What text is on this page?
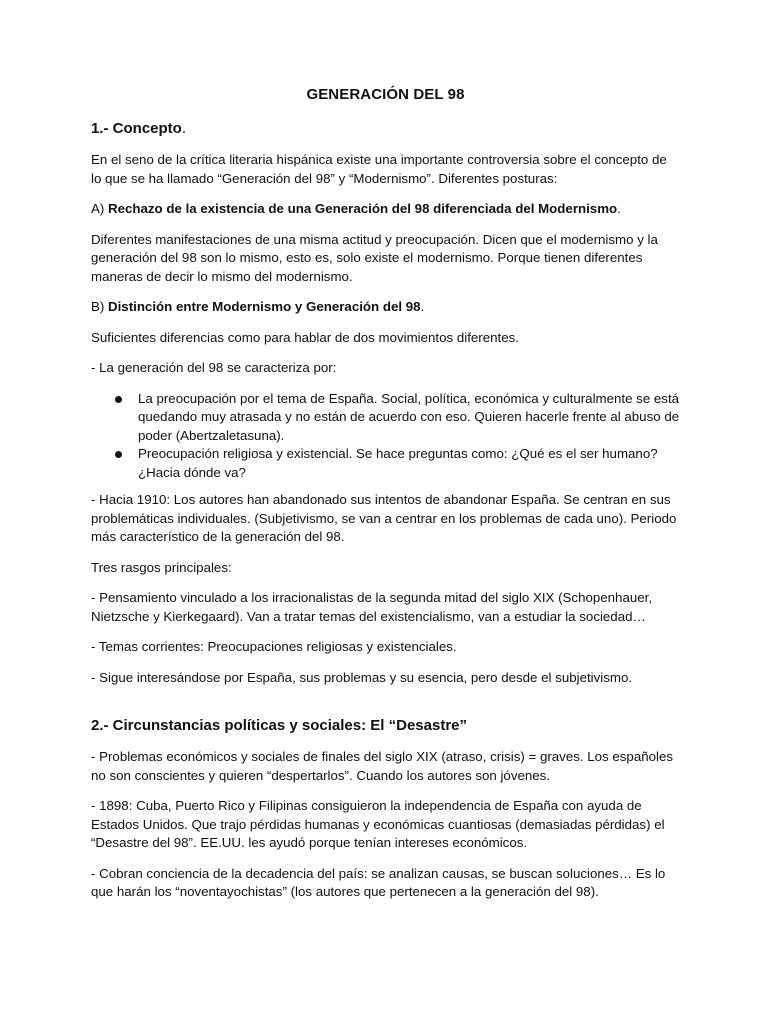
GENERACIÓN DEL 98
1.- Concepto.

En el seno de la crítica literaria hispánica existe una importante controversia sobre el concepto de lo que se ha llamado “Generación del 98” y “Modernismo”. Diferentes posturas:

A) Rechazo de la existencia de una Generación del 98 diferenciada del Modernismo.

Diferentes manifestaciones de una misma actitud y preocupación. Dicen que el modernismo y la generación del 98 son lo mismo, esto es, solo existe el modernismo. Porque tienen diferentes maneras de decir lo mismo del modernismo.

B) Distinción entre Modernismo y Generación del 98.

Suficientes diferencias como para hablar de dos movimientos diferentes.

- La generación del 98 se caracteriza por:

La preocupación por el tema de España. Social, política, económica y culturalmente se está quedando muy atrasada y no están de acuerdo con eso. Quieren hacerle frente al abuso de poder (Abertzaletasuna).
Preocupación religiosa y existencial. Se hace preguntas como: ¿Qué es el ser humano? ¿Hacia dónde va?

- Hacia 1910: Los autores han abandonado sus intentos de abandonar España. Se centran en sus problemáticas individuales. (Subjetivismo, se van a centrar en los problemas de cada uno). Periodo más característico de la generación del 98.

Tres rasgos principales:

- Pensamiento vinculado a los irracionalistas de la segunda mitad del siglo XIX (Schopenhauer, Nietzsche y Kierkegaard). Van a tratar temas del existencialismo, van a estudiar la sociedad…

- Temas corrientes: Preocupaciones religiosas y existenciales.

- Sigue interesándose por España, sus problemas y su esencia, pero desde el subjetivismo.

2.- Circunstancias políticas y sociales: El “Desastre”

- Problemas económicos y sociales de finales del siglo XIX (atraso, crisis) = graves. Los españoles no son conscientes y quieren “despertarlos”. Cuando los autores son jóvenes.

- 1898: Cuba, Puerto Rico y Filipinas consiguieron la independencia de España con ayuda de Estados Unidos. Que trajo pérdidas humanas y económicas cuantiosas (demasiadas pérdidas) el “Desastre del 98”. EE.UU. les ayudó porque tenían intereses económicos.

- Cobran conciencia de la decadencia del país: se analizan causas, se buscan soluciones… Es lo que harán los “noventayochistas” (los autores que pertenecen a la generación del 98).
